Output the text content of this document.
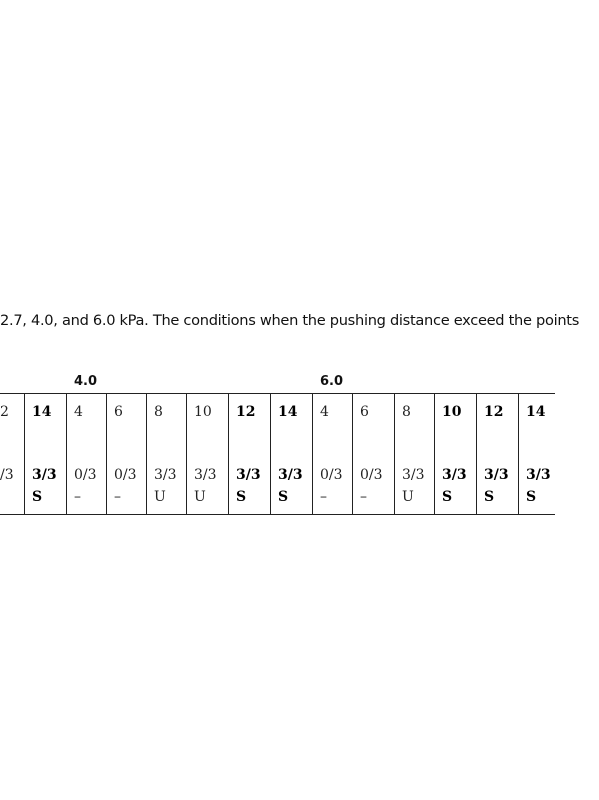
2.7, 4.0, and 6.0 kPa. The conditions when the pushing distance exceed the points
4.0	6.0
2
/3
14
3/3
S
4
0/3
–
6
0/3
–
8
3/3
U
10
3/3
U
12
3/3
S
14
3/3
S
4
0/3
–
6
0/3
–
8
3/3
U
10
3/3
S
12
3/3
S
14
3/3
S
